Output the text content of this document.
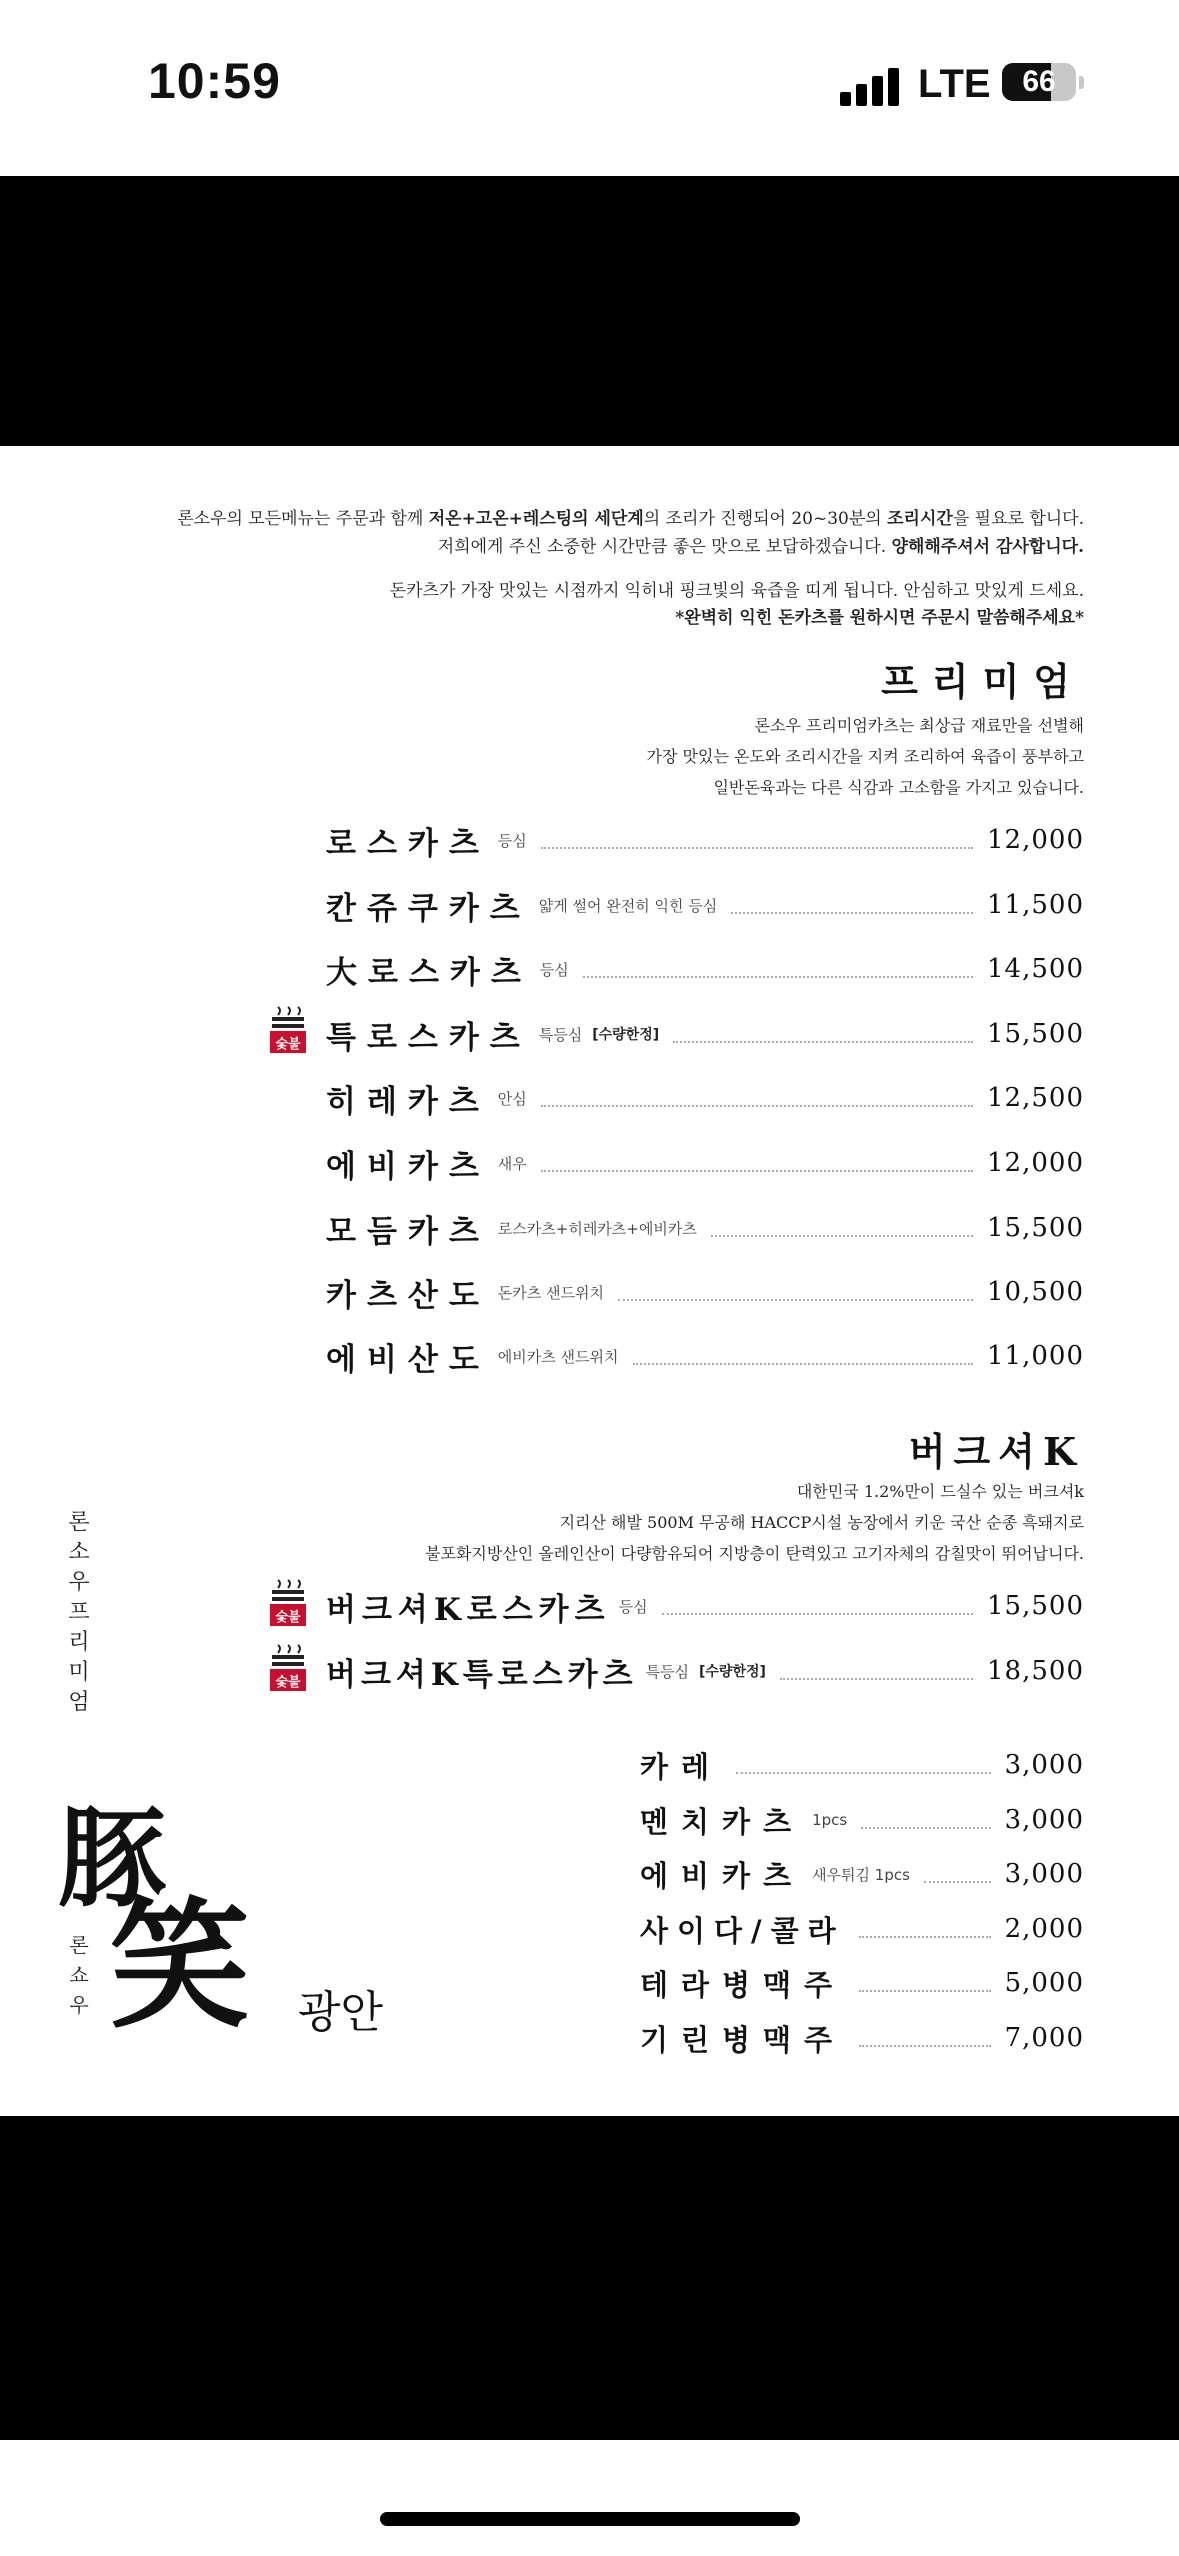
10:59	LTE	66
론소우의 모든메뉴는 주문과 함께 저온+고온+레스팅의 세단계의 조리가 진행되어 20~30분의 조리시간을 필요로 합니다.
저희에게 주신 소중한 시간만큼 좋은 맛으로 보답하겠습니다. 양해해주셔서 감사합니다.
돈카츠가 가장 맛있는 시점까지 익히내 핑크빛의 육즙을 띠게 됩니다. 안심하고 맛있게 드세요.
*완벽히 익힌 돈카츠를 원하시면 주문시 말씀해주세요*
프리미엄
론소우 프리미엄카츠는 최상급 재료만을 선별해
가장 맛있는 온도와 조리시간을 지켜 조리하여 육즙이 풍부하고
일반돈육과는 다른 식감과 고소함을 가지고 있습니다.
로스카츠 등심	12,000
칸쥬쿠카츠 얇게 썰어 완전히 익힌 등심	11,500
大로스카츠 등심	14,500
숯불 특로스카츠 특등심 [수량한정]	15,500
히레카츠 안심	12,500
에비카츠 새우	12,000
모듬카츠 로스카츠+히레카츠+에비카츠	15,500
카츠산도 돈카츠 샌드위치	10,500
에비산도 에비카츠 샌드위치	11,000
버크셔K
대한민국 1.2%만이 드실수 있는 버크셔k
지리산 해발 500M 무공해 HACCP시설 농장에서 키운 국산 순종 흑돼지로
불포화지방산인 올레인산이 다량함유되어 지방층이 탄력있고 고기자체의 감칠맛이 뛰어납니다.
숯불 버크셔K로스카츠 등심	15,500
숯불 버크셔K특로스카츠 특등심 [수량한정]	18,500
카레	3,000
멘치카츠 1pcs	3,000
에비카츠 새우튀김 1pcs	3,000
사이다/콜라	2,000
테라병맥주	5,000
기린병맥주	7,000
론소우프리미엄
론쇼우
豚
笑 광안
